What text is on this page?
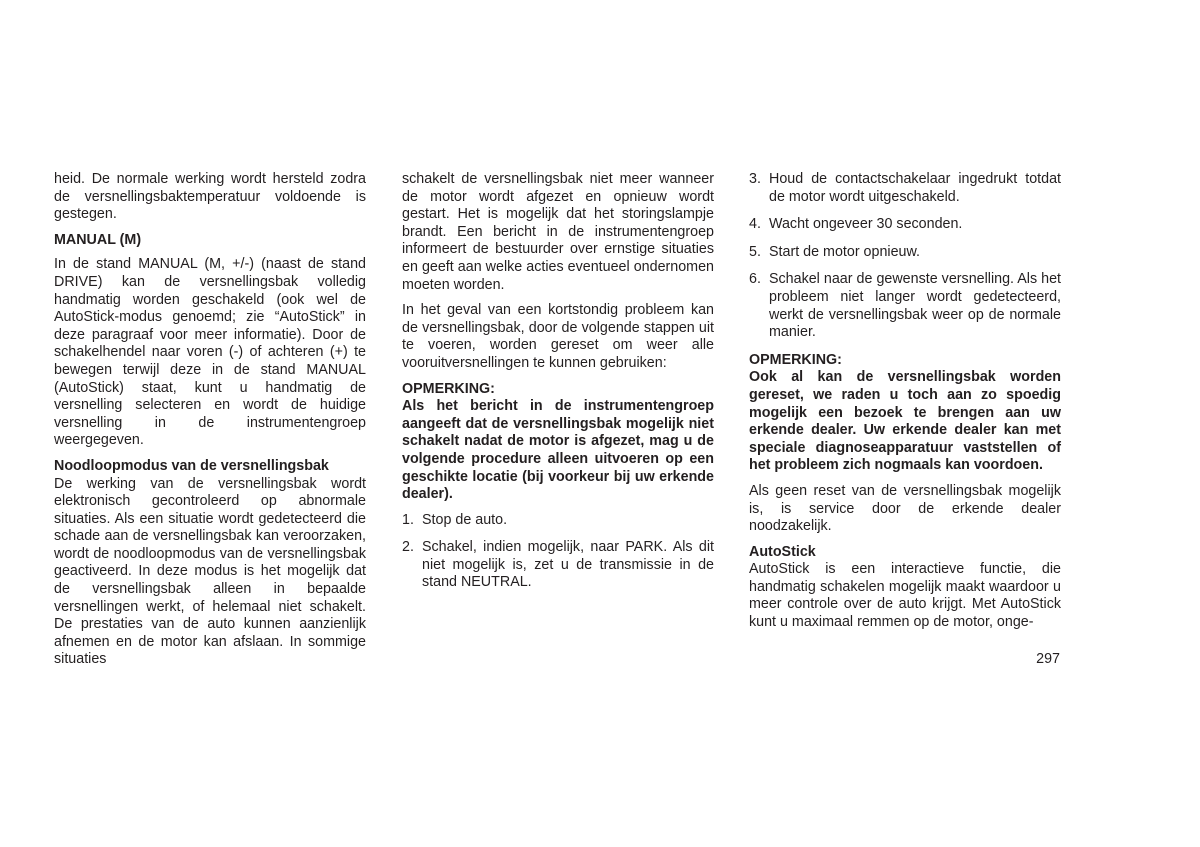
heid. De normale werking wordt hersteld zodra de versnellingsbaktemperatuur voldoende is gestegen.

MANUAL (M)

In de stand MANUAL (M, +/-) (naast de stand DRIVE) kan de versnellingsbak volledig handmatig worden geschakeld (ook wel de AutoStick-modus genoemd; zie “AutoStick” in deze paragraaf voor meer informatie). Door de schakelhendel naar voren (-) of achteren (+) te bewegen terwijl deze in de stand MANUAL (AutoStick) staat, kunt u handmatig de versnelling selecteren en wordt de huidige versnelling in de instrumentengroep weergegeven.

Noodloopmodus van de versnellingsbak

De werking van de versnellingsbak wordt elektronisch gecontroleerd op abnormale situaties. Als een situatie wordt gedetecteerd die schade aan de versnellingsbak kan veroorzaken, wordt de noodloopmodus van de versnellingsbak geactiveerd. In deze modus is het mogelijk dat de versnellingsbak alleen in bepaalde versnellingen werkt, of helemaal niet schakelt. De prestaties van de auto kunnen aanzienlijk afnemen en de motor kan afslaan. In sommige situaties

schakelt de versnellingsbak niet meer wanneer de motor wordt afgezet en opnieuw wordt gestart. Het is mogelijk dat het storingslampje brandt. Een bericht in de instrumentengroep informeert de bestuurder over ernstige situaties en geeft aan welke acties eventueel ondernomen moeten worden.

In het geval van een kortstondig probleem kan de versnellingsbak, door de volgende stappen uit te voeren, worden gereset om weer alle vooruitversnellingen te kunnen gebruiken:

OPMERKING:
Als het bericht in de instrumentengroep aangeeft dat de versnellingsbak mogelijk niet schakelt nadat de motor is afgezet, mag u de volgende procedure alleen uitvoeren op een geschikte locatie (bij voorkeur bij uw erkende dealer).
1. Stop de auto.
2. Schakel, indien mogelijk, naar PARK. Als dit niet mogelijk is, zet u de transmissie in de stand NEUTRAL.
3. Houd de contactschakelaar ingedrukt totdat de motor wordt uitgeschakeld.
4. Wacht ongeveer 30 seconden.
5. Start de motor opnieuw.
6. Schakel naar de gewenste versnelling. Als het probleem niet langer wordt gedetecteerd, werkt de versnellingsbak weer op de normale manier.
OPMERKING:
Ook al kan de versnellingsbak worden gereset, we raden u toch aan zo spoedig mogelijk een bezoek te brengen aan uw erkende dealer. Uw erkende dealer kan met speciale diagnoseapparatuur vaststellen of het probleem zich nogmaals kan voordoen.

Als geen reset van de versnellingsbak mogelijk is, is service door de erkende dealer noodzakelijk.

AutoStick

AutoStick is een interactieve functie, die handmatig schakelen mogelijk maakt waardoor u meer controle over de auto krijgt. Met AutoStick kunt u maximaal remmen op de motor, onge-

297
